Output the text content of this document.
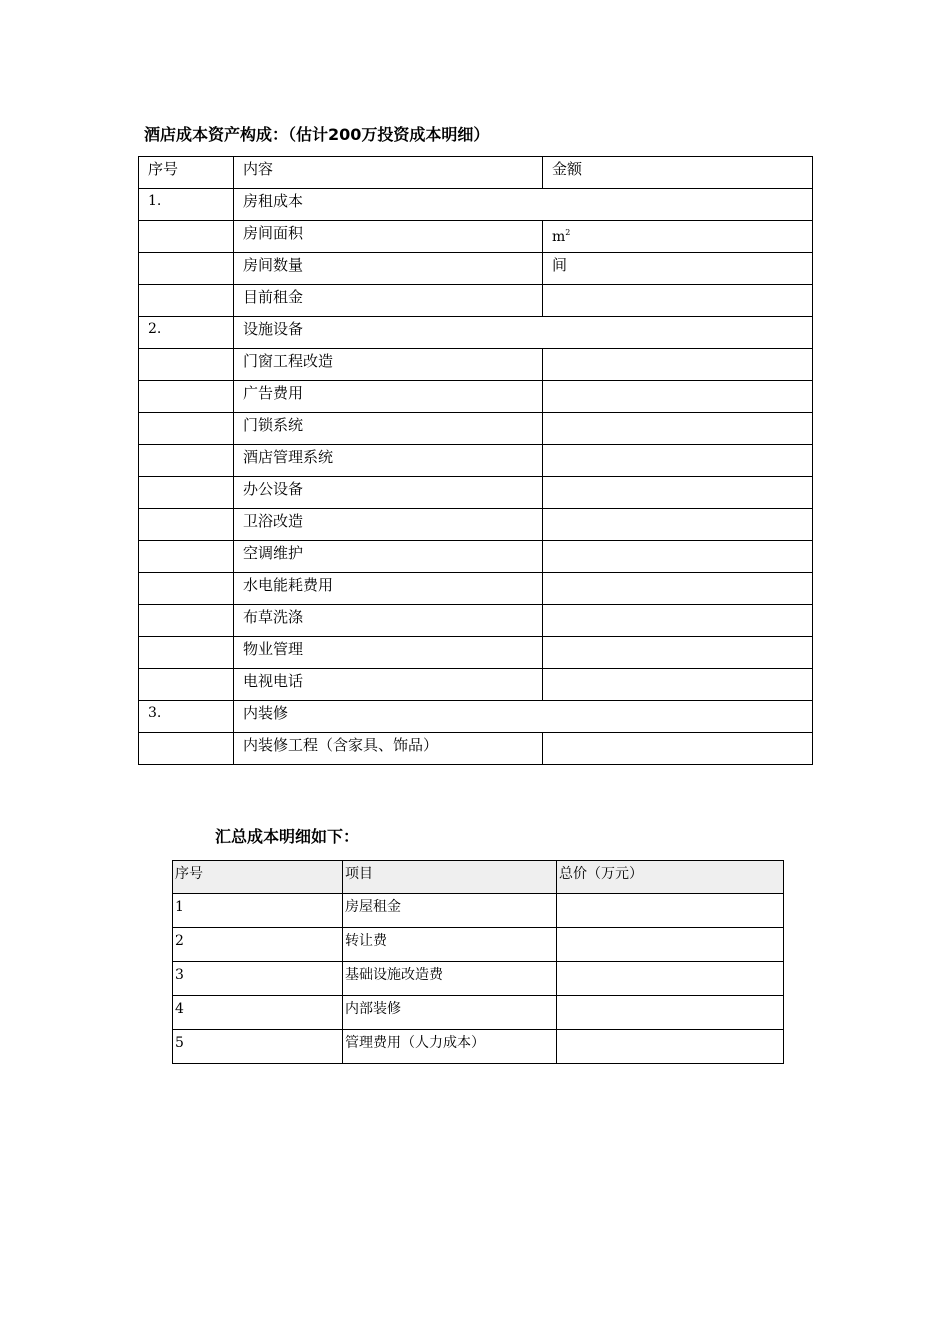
酒店成本资产构成：（估计200万投资成本明细）
序号	内容	金额
1.	房租成本	
	房间面积	$m^2$
	房间数量	间
	目前租金	
2.	设施设备	
	门窗工程改造	
	广告费用	
	门锁系统	
	酒店管理系统	
	办公设备	
	卫浴改造	
	空调维护	
	水电能耗费用	
	布草洗涤	
	物业管理	
	电视电话	
3.	内装修	
	内装修工程（含家具、饰品）	
汇总成本明细如下：
序号	项目	总价（万元）
1	房屋租金	
2	转让费	
3	基础设施改造费	
4	内部装修	
5	管理费用（人力成本）	
